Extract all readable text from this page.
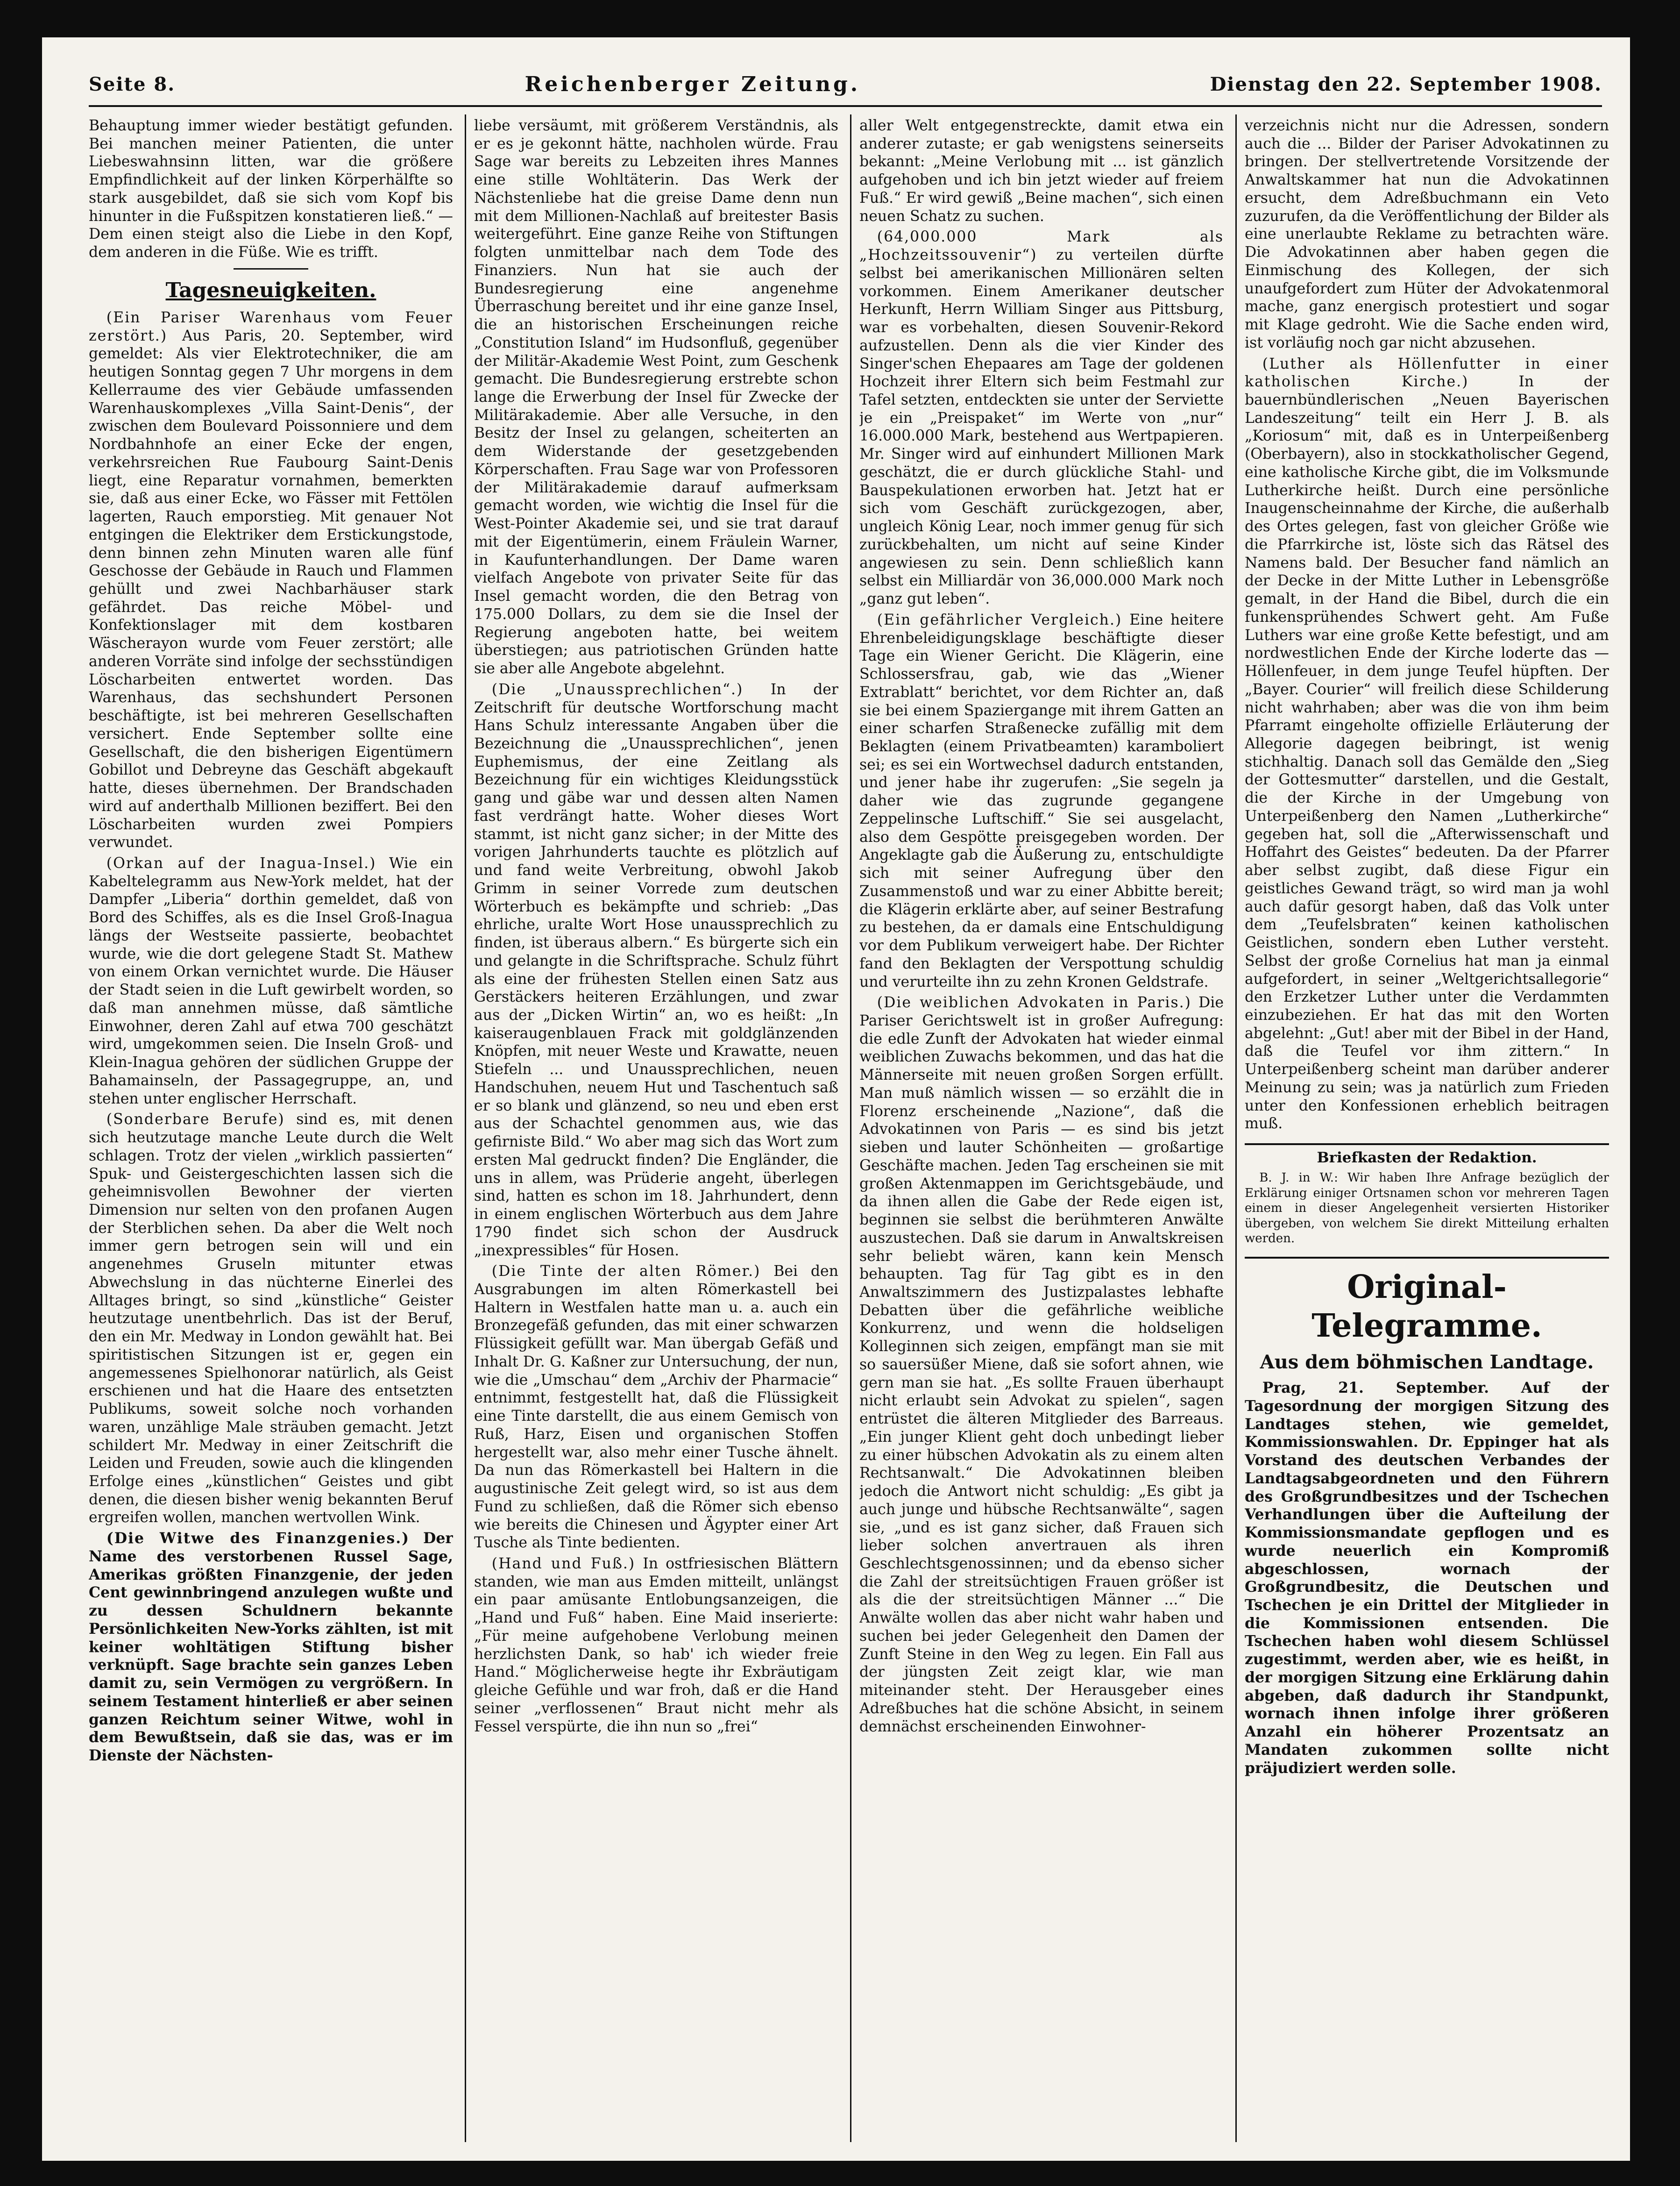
Seite 8.	Reichenberger Zeitung.	Dienstag den 22. September 1908.

Behauptung immer wieder bestätigt gefunden. Bei manchen meiner Patienten, die unter Liebeswahnsinn litten, war die größere Empfindlichkeit auf der linken Körperhälfte so stark ausgebildet, daß sie sich vom Kopf bis hinunter in die Fußspitzen konstatieren ließ.“ — Dem einen steigt also die Liebe in den Kopf, dem anderen in die Füße. Wie es trifft.

Tagesneuigkeiten.

(Ein Pariser Warenhaus vom Feuer zerstört.) Aus Paris, 20. September, wird gemeldet: Als vier Elektrotechniker, die am heutigen Sonntag gegen 7 Uhr morgens in dem Kellerraume des vier Gebäude umfassenden Warenhauskomplexes „Villa Saint-Denis“, der zwischen dem Boulevard Poissonniere und dem Nordbahnhofe an einer Ecke der engen, verkehrsreichen Rue Faubourg Saint-Denis liegt, eine Reparatur vornahmen, bemerkten sie, daß aus einer Ecke, wo Fässer mit Fettölen lagerten, Rauch emporstieg. Mit genauer Not entgingen die Elektriker dem Erstickungstode, denn binnen zehn Minuten waren alle fünf Geschosse der Gebäude in Rauch und Flammen gehüllt und zwei Nachbarhäuser stark gefährdet. Das reiche Möbel- und Konfektionslager mit dem kostbaren Wäscherayon wurde vom Feuer zerstört; alle anderen Vorräte sind infolge der sechsstündigen Löscharbeiten entwertet worden. Das Warenhaus, das sechshundert Personen beschäftigte, ist bei mehreren Gesellschaften versichert. Ende September sollte eine Gesellschaft, die den bisherigen Eigentümern Gobillot und Debreyne das Geschäft abgekauft hatte, dieses übernehmen. Der Brandschaden wird auf anderthalb Millionen beziffert. Bei den Löscharbeiten wurden zwei Pompiers verwundet.

(Orkan auf der Inagua-Insel.) Wie ein Kabeltelegramm aus New-York meldet, hat der Dampfer „Liberia“ dorthin gemeldet, daß von Bord des Schiffes, als es die Insel Groß-Inagua längs der Westseite passierte, beobachtet wurde, wie die dort gelegene Stadt St. Mathew von einem Orkan vernichtet wurde. Die Häuser der Stadt seien in die Luft gewirbelt worden, so daß man annehmen müsse, daß sämtliche Einwohner, deren Zahl auf etwa 700 geschätzt wird, umgekommen seien. Die Inseln Groß- und Klein-Inagua gehören der südlichen Gruppe der Bahamainseln, der Passagegruppe, an, und stehen unter englischer Herrschaft.

(Sonderbare Berufe) sind es, mit denen sich heutzutage manche Leute durch die Welt schlagen. Trotz der vielen „wirklich passierten“ Spuk- und Geistergeschichten lassen sich die geheimnisvollen Bewohner der vierten Dimension nur selten von den profanen Augen der Sterblichen sehen. Da aber die Welt noch immer gern betrogen sein will und ein angenehmes Gruseln mitunter etwas Abwechslung in das nüchterne Einerlei des Alltages bringt, so sind „künstliche“ Geister heutzutage unentbehrlich. Das ist der Beruf, den ein Mr. Medway in London gewählt hat. Bei spiritistischen Sitzungen ist er, gegen ein angemessenes Spielhonorar natürlich, als Geist erschienen und hat die Haare des entsetzten Publikums, soweit solche noch vorhanden waren, unzählige Male sträuben gemacht. Jetzt schildert Mr. Medway in einer Zeitschrift die Leiden und Freuden, sowie auch die klingenden Erfolge eines „künstlichen“ Geistes und gibt denen, die diesen bisher wenig bekannten Beruf ergreifen wollen, manchen wertvollen Wink.

(Die Witwe des Finanzgenies.) Der Name des verstorbenen Russel Sage, Amerikas größten Finanzgenie, der jeden Cent gewinnbringend anzulegen wußte und zu dessen Schuldnern bekannte Persönlichkeiten New-Yorks zählten, ist mit keiner wohltätigen Stiftung bisher verknüpft. Sage brachte sein ganzes Leben damit zu, sein Vermögen zu vergrößern. In seinem Testament hinterließ er aber seinen ganzen Reichtum seiner Witwe, wohl in dem Bewußtsein, daß sie das, was er im Dienste der Nächsten-

liebe versäumt, mit größerem Verständnis, als er es je gekonnt hätte, nachholen würde. Frau Sage war bereits zu Lebzeiten ihres Mannes eine stille Wohltäterin. Das Werk der Nächstenliebe hat die greise Dame denn nun mit dem Millionen-Nachlaß auf breitester Basis weitergeführt. Eine ganze Reihe von Stiftungen folgten unmittelbar nach dem Tode des Finanziers. Nun hat sie auch der Bundesregierung eine angenehme Überraschung bereitet und ihr eine ganze Insel, die an historischen Erscheinungen reiche „Constitution Island“ im Hudsonfluß, gegenüber der Militär-Akademie West Point, zum Geschenk gemacht. Die Bundesregierung erstrebte schon lange die Erwerbung der Insel für Zwecke der Militärakademie. Aber alle Versuche, in den Besitz der Insel zu gelangen, scheiterten an dem Widerstande der gesetzgebenden Körperschaften. Frau Sage war von Professoren der Militärakademie darauf aufmerksam gemacht worden, wie wichtig die Insel für die West-Pointer Akademie sei, und sie trat darauf mit der Eigentümerin, einem Fräulein Warner, in Kaufunterhandlungen. Der Dame waren vielfach Angebote von privater Seite für das Insel gemacht worden, die den Betrag von 175.000 Dollars, zu dem sie die Insel der Regierung angeboten hatte, bei weitem überstiegen; aus patriotischen Gründen hatte sie aber alle Angebote abgelehnt.

(Die „Unaussprechlichen“.) In der Zeitschrift für deutsche Wortforschung macht Hans Schulz interessante Angaben über die Bezeichnung die „Unaussprechlichen“, jenen Euphemismus, der eine Zeitlang als Bezeichnung für ein wichtiges Kleidungsstück gang und gäbe war und dessen alten Namen fast verdrängt hatte. Woher dieses Wort stammt, ist nicht ganz sicher; in der Mitte des vorigen Jahrhunderts tauchte es plötzlich auf und fand weite Verbreitung, obwohl Jakob Grimm in seiner Vorrede zum deutschen Wörterbuch es bekämpfte und schrieb: „Das ehrliche, uralte Wort Hose unaussprechlich zu finden, ist überaus albern.“ Es bürgerte sich ein und gelangte in die Schriftsprache. Schulz führt als eine der frühesten Stellen einen Satz aus Gerstäckers heiteren Erzählungen, und zwar aus der „Dicken Wirtin“ an, wo es heißt: „In kaiseraugenblauen Frack mit goldglänzenden Knöpfen, mit neuer Weste und Krawatte, neuen Stiefeln ... und Unaussprechlichen, neuen Handschuhen, neuem Hut und Taschentuch saß er so blank und glänzend, so neu und eben erst aus der Schachtel genommen aus, wie das gefirniste Bild.“ Wo aber mag sich das Wort zum ersten Mal gedruckt finden? Die Engländer, die uns in allem, was Prüderie angeht, überlegen sind, hatten es schon im 18. Jahrhundert, denn in einem englischen Wörterbuch aus dem Jahre 1790 findet sich schon der Ausdruck „inexpressibles“ für Hosen.

(Die Tinte der alten Römer.) Bei den Ausgrabungen im alten Römerkastell bei Haltern in Westfalen hatte man u. a. auch ein Bronzegefäß gefunden, das mit einer schwarzen Flüssigkeit gefüllt war. Man übergab Gefäß und Inhalt Dr. G. Kaßner zur Untersuchung, der nun, wie die „Umschau“ dem „Archiv der Pharmacie“ entnimmt, festgestellt hat, daß die Flüssigkeit eine Tinte darstellt, die aus einem Gemisch von Ruß, Harz, Eisen und organischen Stoffen hergestellt war, also mehr einer Tusche ähnelt. Da nun das Römerkastell bei Haltern in die augustinische Zeit gelegt wird, so ist aus dem Fund zu schließen, daß die Römer sich ebenso wie bereits die Chinesen und Ägypter einer Art Tusche als Tinte bedienten.

(Hand und Fuß.) In ostfriesischen Blättern standen, wie man aus Emden mitteilt, unlängst ein paar amüsante Entlobungsanzeigen, die „Hand und Fuß“ haben. Eine Maid inserierte: „Für meine aufgehobene Verlobung meinen herzlichsten Dank, so hab' ich wieder freie Hand.“ Möglicherweise hegte ihr Exbräutigam gleiche Gefühle und war froh, daß er die Hand seiner „verflossenen“ Braut nicht mehr als Fessel verspürte, die ihn nun so „frei“

aller Welt entgegenstreckte, damit etwa ein anderer zutaste; er gab wenigstens seinerseits bekannt: „Meine Verlobung mit ... ist gänzlich aufgehoben und ich bin jetzt wieder auf freiem Fuß.“ Er wird gewiß „Beine machen“, sich einen neuen Schatz zu suchen.

(64,000.000 Mark als „Hochzeitssouvenir“) zu verteilen dürfte selbst bei amerikanischen Millionären selten vorkommen. Einem Amerikaner deutscher Herkunft, Herrn William Singer aus Pittsburg, war es vorbehalten, diesen Souvenir-Rekord aufzustellen. Denn als die vier Kinder des Singer'schen Ehepaares am Tage der goldenen Hochzeit ihrer Eltern sich beim Festmahl zur Tafel setzten, entdeckten sie unter der Serviette je ein „Preispaket“ im Werte von „nur“ 16.000.000 Mark, bestehend aus Wertpapieren. Mr. Singer wird auf einhundert Millionen Mark geschätzt, die er durch glückliche Stahl- und Bauspekulationen erworben hat. Jetzt hat er sich vom Geschäft zurückgezogen, aber, ungleich König Lear, noch immer genug für sich zurückbehalten, um nicht auf seine Kinder angewiesen zu sein. Denn schließlich kann selbst ein Milliardär von 36,000.000 Mark noch „ganz gut leben“.

(Ein gefährlicher Vergleich.) Eine heitere Ehrenbeleidigungsklage beschäftigte dieser Tage ein Wiener Gericht. Die Klägerin, eine Schlossersfrau, gab, wie das „Wiener Extrablatt“ berichtet, vor dem Richter an, daß sie bei einem Spaziergange mit ihrem Gatten an einer scharfen Straßenecke zufällig mit dem Beklagten (einem Privatbeamten) karamboliert sei; es sei ein Wortwechsel dadurch entstanden, und jener habe ihr zugerufen: „Sie segeln ja daher wie das zugrunde gegangene Zeppelinsche Luftschiff.“ Sie sei ausgelacht, also dem Gespötte preisgegeben worden. Der Angeklagte gab die Äußerung zu, entschuldigte sich mit seiner Aufregung über den Zusammenstoß und war zu einer Abbitte bereit; die Klägerin erklärte aber, auf seiner Bestrafung zu bestehen, da er damals eine Entschuldigung vor dem Publikum verweigert habe. Der Richter fand den Beklagten der Verspottung schuldig und verurteilte ihn zu zehn Kronen Geldstrafe.

(Die weiblichen Advokaten in Paris.) Die Pariser Gerichtswelt ist in großer Aufregung: die edle Zunft der Advokaten hat wieder einmal weiblichen Zuwachs bekommen, und das hat die Männerseite mit neuen großen Sorgen erfüllt. Man muß nämlich wissen — so erzählt die in Florenz erscheinende „Nazione“, daß die Advokatinnen von Paris — es sind bis jetzt sieben und lauter Schönheiten — großartige Geschäfte machen. Jeden Tag erscheinen sie mit großen Aktenmappen im Gerichtsgebäude, und da ihnen allen die Gabe der Rede eigen ist, beginnen sie selbst die berühmteren Anwälte auszustechen. Daß sie darum in Anwaltskreisen sehr beliebt wären, kann kein Mensch behaupten. Tag für Tag gibt es in den Anwaltszimmern des Justizpalastes lebhafte Debatten über die gefährliche weibliche Konkurrenz, und wenn die holdseligen Kolleginnen sich zeigen, empfängt man sie mit so sauersüßer Miene, daß sie sofort ahnen, wie gern man sie hat. „Es sollte Frauen überhaupt nicht erlaubt sein Advokat zu spielen“, sagen entrüstet die älteren Mitglieder des Barreaus. „Ein junger Klient geht doch unbedingt lieber zu einer hübschen Advokatin als zu einem alten Rechtsanwalt.“ Die Advokatinnen bleiben jedoch die Antwort nicht schuldig: „Es gibt ja auch junge und hübsche Rechtsanwälte“, sagen sie, „und es ist ganz sicher, daß Frauen sich lieber solchen anvertrauen als ihren Geschlechtsgenossinnen; und da ebenso sicher die Zahl der streitsüchtigen Frauen größer ist als die der streitsüchtigen Männer ...“ Die Anwälte wollen das aber nicht wahr haben und suchen bei jeder Gelegenheit den Damen der Zunft Steine in den Weg zu legen. Ein Fall aus der jüngsten Zeit zeigt klar, wie man miteinander steht. Der Herausgeber eines Adreßbuches hat die schöne Absicht, in seinem demnächst erscheinenden Einwohner-

verzeichnis nicht nur die Adressen, sondern auch die ... Bilder der Pariser Advokatinnen zu bringen. Der stellvertretende Vorsitzende der Anwaltskammer hat nun die Advokatinnen ersucht, dem Adreßbuchmann ein Veto zuzurufen, da die Veröffentlichung der Bilder als eine unerlaubte Reklame zu betrachten wäre. Die Advokatinnen aber haben gegen die Einmischung des Kollegen, der sich unaufgefordert zum Hüter der Advokatenmoral mache, ganz energisch protestiert und sogar mit Klage gedroht. Wie die Sache enden wird, ist vorläufig noch gar nicht abzusehen.

(Luther als Höllenfutter in einer katholischen Kirche.)	In der bauernbündlerischen „Neuen Bayerischen Landeszeitung“ teilt ein Herr J. B. als „Koriosum“ mit, daß es in Unterpeißenberg (Oberbayern), also in stockkatholischer Gegend, eine katholische Kirche gibt, die im Volksmunde Lutherkirche heißt. Durch eine persönliche Inaugenscheinnahme der Kirche, die außerhalb des Ortes gelegen, fast von gleicher Größe wie die Pfarrkirche ist, löste sich das Rätsel des Namens bald. Der Besucher fand nämlich an der Decke in der Mitte Luther in Lebensgröße gemalt, in der Hand die Bibel, durch die ein funkensprühendes Schwert geht. Am Fuße Luthers war eine große Kette befestigt, und am nordwestlichen Ende der Kirche loderte das — Höllenfeuer, in dem junge Teufel hüpften. Der „Bayer. Courier“ will freilich diese Schilderung nicht wahrhaben; aber was die von ihm beim Pfarramt eingeholte offizielle Erläuterung der Allegorie dagegen beibringt, ist wenig stichhaltig. Danach soll das Gemälde den „Sieg der Gottesmutter“ darstellen, und die Gestalt, die der Kirche in der Umgebung von Unterpeißenberg den Namen „Lutherkirche“ gegeben hat, soll die „Afterwissenschaft und Hoffahrt des Geistes“ bedeuten. Da der Pfarrer aber selbst zugibt, daß diese Figur ein geistliches Gewand trägt, so wird man ja wohl auch dafür gesorgt haben, daß das Volk unter dem „Teufelsbraten“ keinen katholischen Geistlichen, sondern eben Luther versteht. Selbst der große Cornelius hat man ja einmal aufgefordert, in seiner „Weltgerichtsallegorie“ den Erzketzer Luther unter die Verdammten einzubeziehen. Er hat das mit den Worten abgelehnt: „Gut! aber mit der Bibel in der Hand, daß die Teufel vor ihm zittern.“ In Unterpeißenberg scheint man darüber anderer Meinung zu sein; was ja natürlich zum Frieden unter den Konfessionen erheblich beitragen muß.

Briefkasten der Redaktion.

B. J. in W.: Wir haben Ihre Anfrage bezüglich der Erklärung einiger Ortsnamen schon vor mehreren Tagen einem in dieser Angelegenheit versierten Historiker übergeben, von welchem Sie direkt Mitteilung erhalten werden.

Original-Telegramme.
Aus dem böhmischen Landtage.

Prag, 21. September. Auf der Tagesordnung der morgigen Sitzung des Landtages stehen, wie gemeldet, Kommissionswahlen. Dr. Eppinger hat als Vorstand des deutschen Verbandes der Landtagsabgeordneten und den Führern des Großgrundbesitzes und der Tschechen Verhandlungen über die Aufteilung der Kommissionsmandate gepflogen und es wurde neuerlich ein Kompromiß abgeschlossen, wornach der Großgrundbesitz, die Deutschen und Tschechen je ein Drittel der Mitglieder in die Kommissionen entsenden. Die Tschechen haben wohl diesem Schlüssel zugestimmt, werden aber, wie es heißt, in der morgigen Sitzung eine Erklärung dahin abgeben, daß dadurch ihr Standpunkt, wornach ihnen infolge ihrer größeren Anzahl ein höherer Prozentsatz an Mandaten zukommen sollte nicht präjudiziert werden solle.
